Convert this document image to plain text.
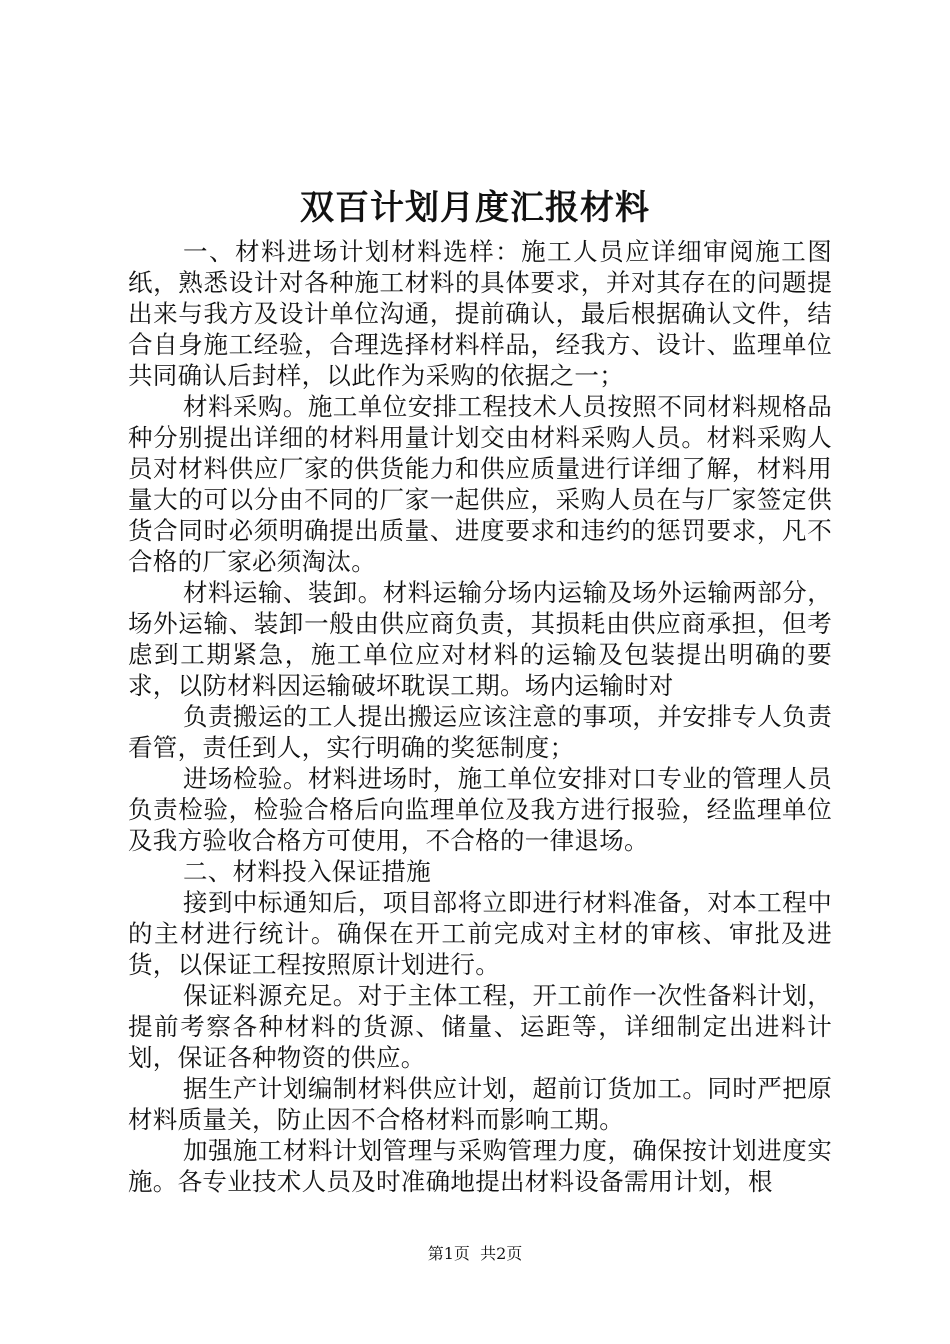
双百计划月度汇报材料

一、材料进场计划材料选样：施工人员应详细审阅施工图纸，熟悉设计对各种施工材料的具体要求，并对其存在的问题提出来与我方及设计单位沟通，提前确认，最后根据确认文件，结合自身施工经验，合理选择材料样品，经我方、设计、监理单位共同确认后封样，以此作为采购的依据之一；

材料采购。施工单位安排工程技术人员按照不同材料规格品种分别提出详细的材料用量计划交由材料采购人员。材料采购人员对材料供应厂家的供货能力和供应质量进行详细了解，材料用量大的可以分由不同的厂家一起供应，采购人员在与厂家签定供货合同时必须明确提出质量、进度要求和违约的惩罚要求，凡不合格的厂家必须淘汰。

材料运输、装卸。材料运输分场内运输及场外运输两部分，场外运输、装卸一般由供应商负责，其损耗由供应商承担，但考虑到工期紧急，施工单位应对材料的运输及包装提出明确的要求，以防材料因运输破坏耽误工期。场内运输时对

负责搬运的工人提出搬运应该注意的事项，并安排专人负责看管，责任到人，实行明确的奖惩制度；

进场检验。材料进场时，施工单位安排对口专业的管理人员负责检验，检验合格后向监理单位及我方进行报验，经监理单位及我方验收合格方可使用，不合格的一律退场。

二、材料投入保证措施

接到中标通知后，项目部将立即进行材料准备，对本工程中的主材进行统计。确保在开工前完成对主材的审核、审批及进货，以保证工程按照原计划进行。

保证料源充足。对于主体工程，开工前作一次性备料计划，提前考察各种材料的货源、储量、运距等，详细制定出进料计划，保证各种物资的供应。

据生产计划编制材料供应计划，超前订货加工。同时严把原材料质量关，防止因不合格材料而影响工期。

加强施工材料计划管理与采购管理力度，确保按计划进度实施。各专业技术人员及时准确地提出材料设备需用计划，根

第1页 共2页
